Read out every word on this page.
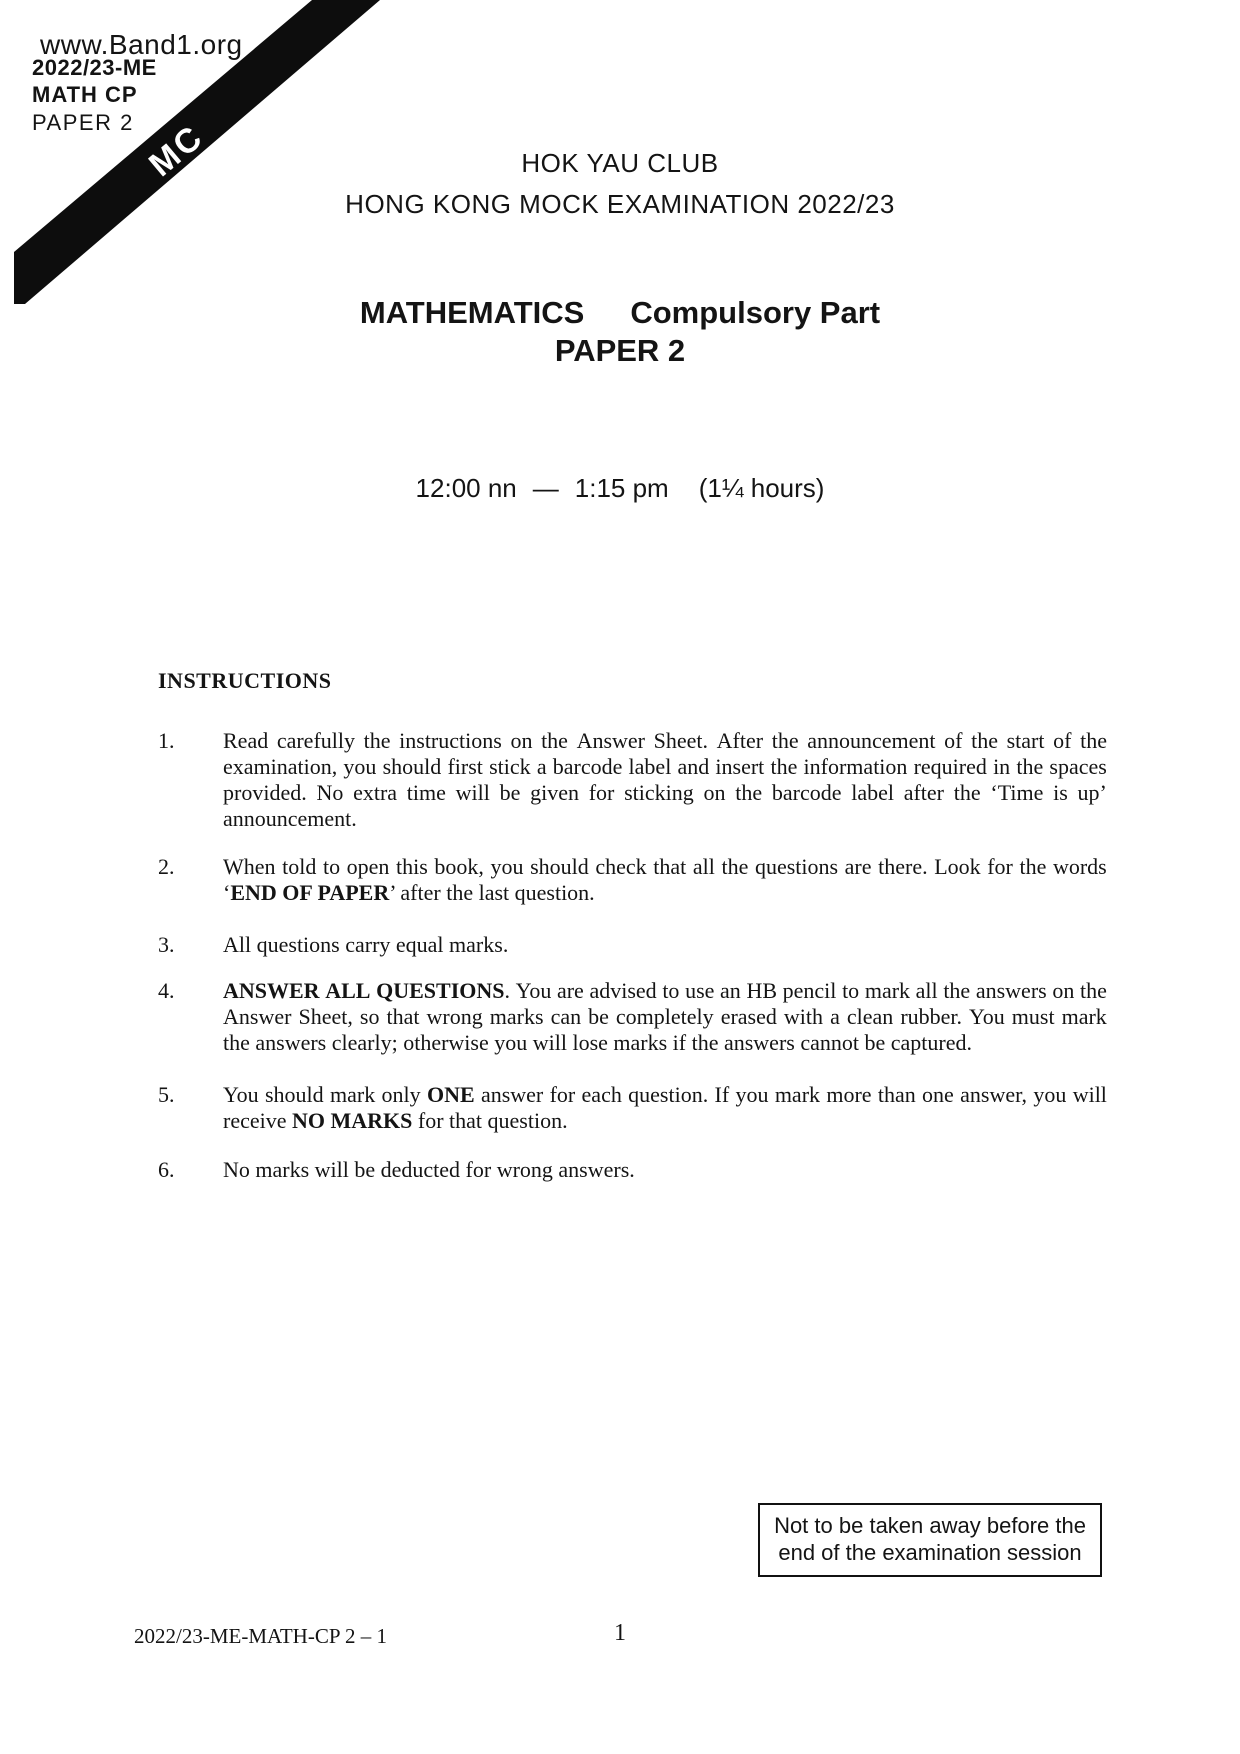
MC
www.Band1.org
2022/23-ME
MATH CP
PAPER 2
HOK YAU CLUB
HONG KONG MOCK EXAMINATION 2022/23
MATHEMATICS Compulsory Part
PAPER 2
12:00 nn — 1:15 pm (1¼ hours)
INSTRUCTIONS
1.	Read carefully the instructions on the Answer Sheet. After the announcement of the start of the
examination, you should first stick a barcode label and insert the information required in the spaces
provided. No extra time will be given for sticking on the barcode label after the ‘Time is up’
announcement.
2.	When told to open this book, you should check that all the questions are there. Look for the words
‘END OF PAPER’ after the last question.
3.	All questions carry equal marks.
4.	ANSWER ALL QUESTIONS. You are advised to use an HB pencil to mark all the answers on the
Answer Sheet, so that wrong marks can be completely erased with a clean rubber. You must mark
the answers clearly; otherwise you will lose marks if the answers cannot be captured.
5.	You should mark only ONE answer for each question. If you mark more than one answer, you will
receive NO MARKS for that question.
6.	No marks will be deducted for wrong answers.
Not to be taken away before the
end of the examination session
2022/23-ME-MATH-CP 2 – 1	1
